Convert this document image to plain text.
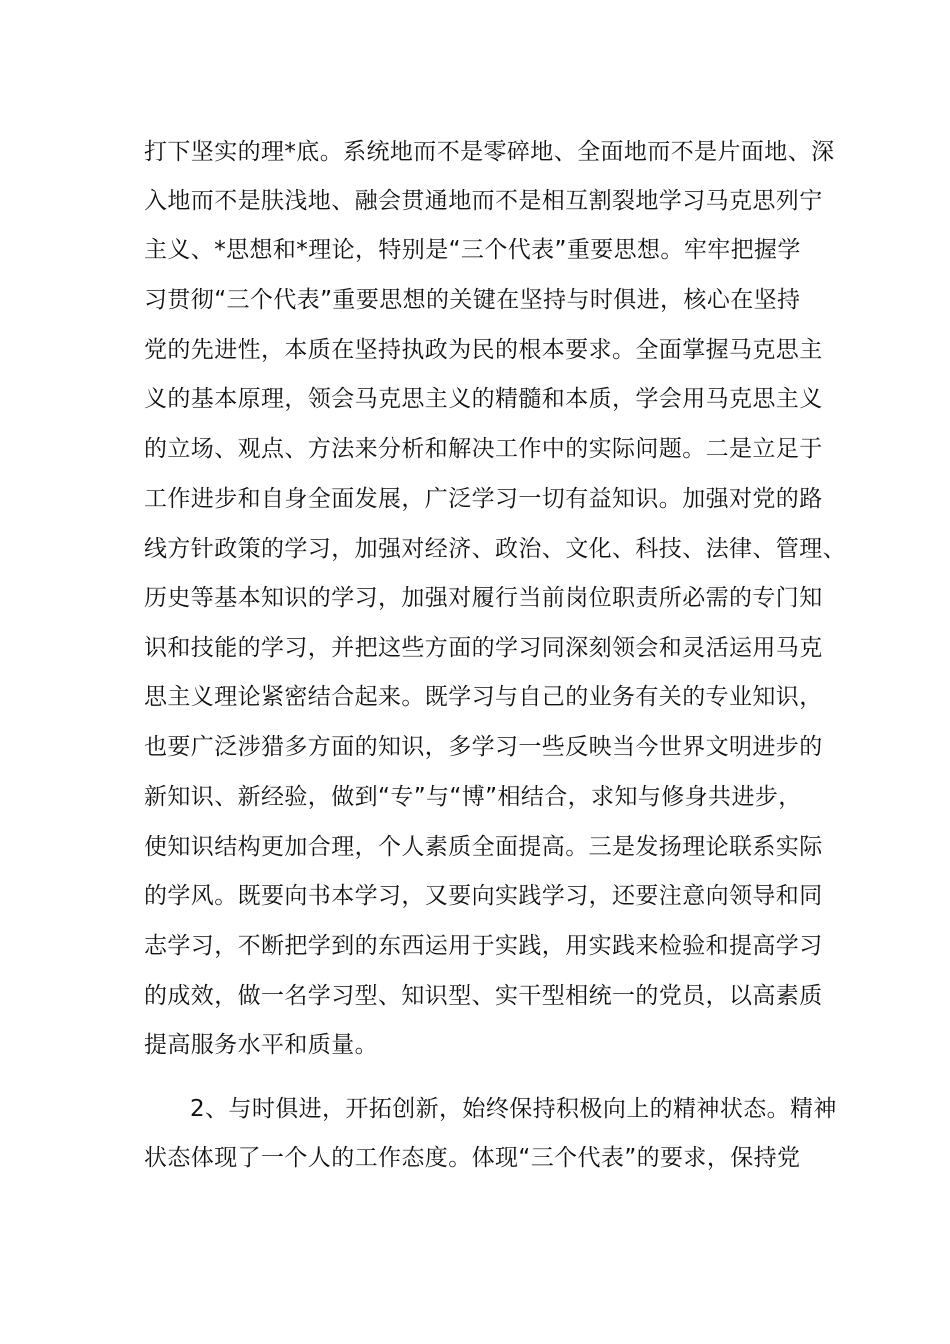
打下坚实的理*底。系统地而不是零碎地、全面地而不是片面地、深
入地而不是肤浅地、融会贯通地而不是相互割裂地学习马克思列宁
主义、*思想和*理论，特别是“三个代表”重要思想。牢牢把握学
习贯彻“三个代表”重要思想的关键在坚持与时俱进，核心在坚持
党的先进性，本质在坚持执政为民的根本要求。全面掌握马克思主
义的基本原理，领会马克思主义的精髓和本质，学会用马克思主义
的立场、观点、方法来分析和解决工作中的实际问题。二是立足于
工作进步和自身全面发展，广泛学习一切有益知识。加强对党的路
线方针政策的学习，加强对经济、政治、文化、科技、法律、管理、
历史等基本知识的学习，加强对履行当前岗位职责所必需的专门知
识和技能的学习，并把这些方面的学习同深刻领会和灵活运用马克
思主义理论紧密结合起来。既学习与自己的业务有关的专业知识，
也要广泛涉猎多方面的知识，多学习一些反映当今世界文明进步的
新知识、新经验，做到“专”与“博”相结合，求知与修身共进步，
使知识结构更加合理，个人素质全面提高。三是发扬理论联系实际
的学风。既要向书本学习，又要向实践学习，还要注意向领导和同
志学习，不断把学到的东西运用于实践，用实践来检验和提高学习
的成效，做一名学习型、知识型、实干型相统一的党员，以高素质
提高服务水平和质量。
2、与时俱进，开拓创新，始终保持积极向上的精神状态。精神
状态体现了一个人的工作态度。体现“三个代表”的要求，保持党
